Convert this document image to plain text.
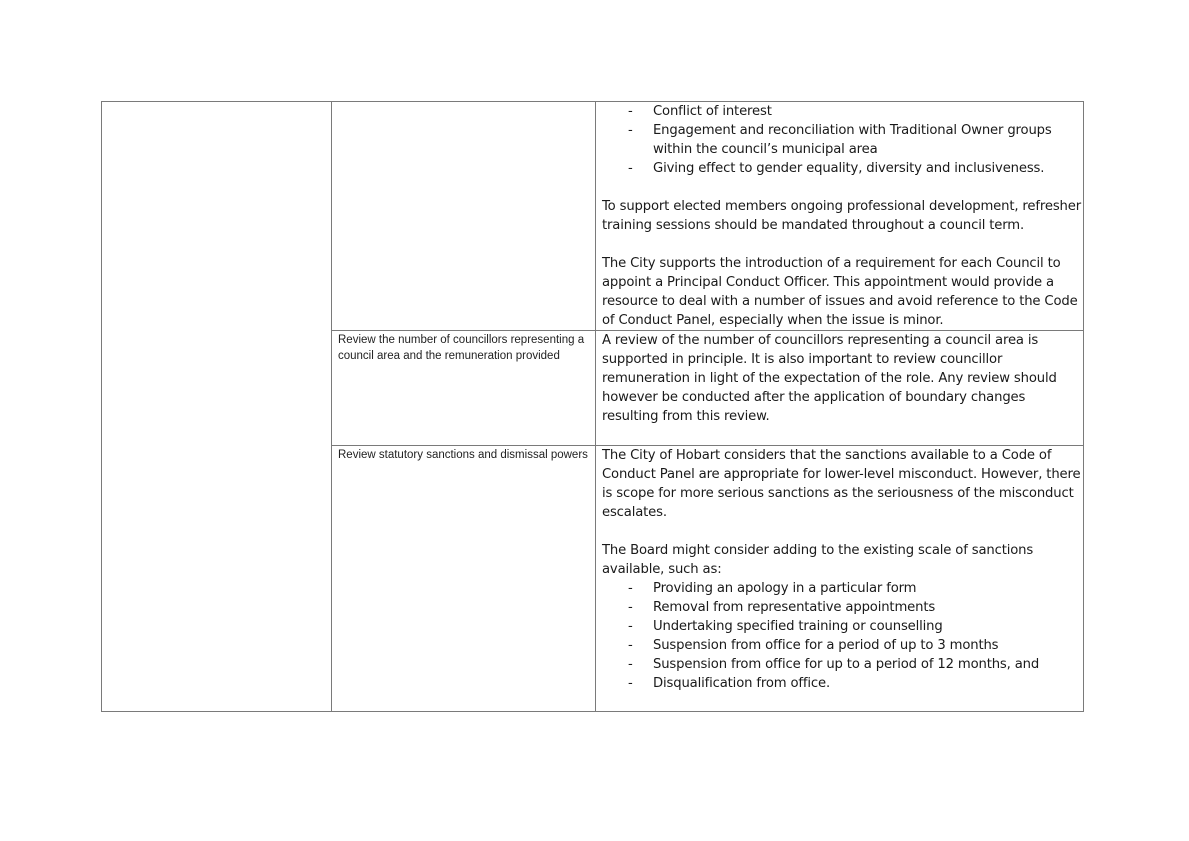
- Conflict of interest
- Engagement and reconciliation with Traditional Owner groups within the council’s municipal area
- Giving effect to gender equality, diversity and inclusiveness.

To support elected members ongoing professional development, refresher training sessions should be mandated throughout a council term.

The City supports the introduction of a requirement for each Council to appoint a Principal Conduct Officer. This appointment would provide a resource to deal with a number of issues and avoid reference to the Code of Conduct Panel, especially when the issue is minor.

Review the number of councillors representing a council area and the remuneration provided

A review of the number of councillors representing a council area is supported in principle. It is also important to review councillor remuneration in light of the expectation of the role. Any review should however be conducted after the application of boundary changes resulting from this review.

Review statutory sanctions and dismissal powers The City of Hobart considers that the sanctions available to a Code of Conduct Panel are appropriate for lower-level misconduct. However, there is scope for more serious sanctions as the seriousness of the misconduct escalates.

The Board might consider adding to the existing scale of sanctions available, such as:

- Providing an apology in a particular form
- Removal from representative appointments
- Undertaking specified training or counselling
- Suspension from office for a period of up to 3 months
- Suspension from office for up to a period of 12 months, and
- Disqualification from office.
